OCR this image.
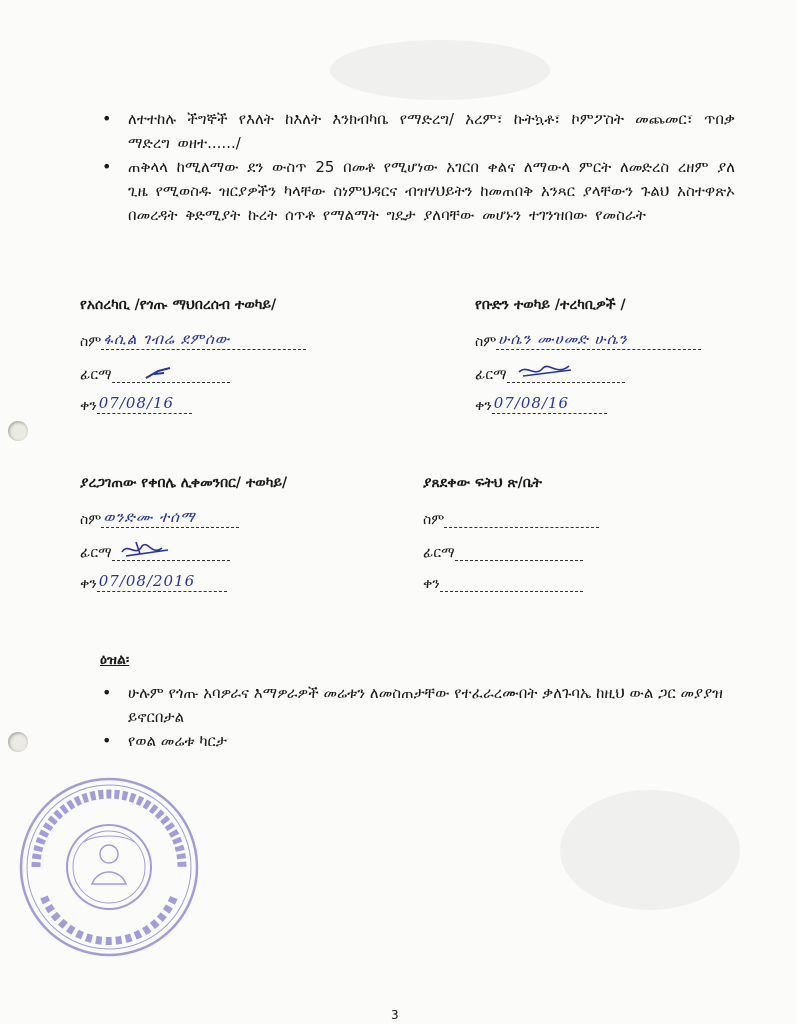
• ለተተከሉ ችግኞች የእለት ከእለት እንክብካቤ የማድረግ/ አረም፣ ኩትኳቶ፣ ኮምፖስት መጨመር፣ ጥበቃ ማድረግ ወዘተ....../
• ጠቅላላ ከሚለማው ደን ውስጥ 25 በመቶ የሚሆነው አገርበ ቀልና ለማውላ ምርት ለመድረስ ረዘም ያለ ጊዜ የሚወስዱ ዝርያዎችን ካላቸው ስነምህዳርና ብዝሃህይትን ከመጠበቅ አንጻር ያላቸውን ጉልህ አስተዋጽኦ በመረዳት ቅድሚያት ኩረት ሰጥቶ የማልማት ግዴታ ያለባቸው መሆኑን ተገንዝበው የመስራት
የአሰረካቢ /የጎጡ ማህበረሰብ ተወካይ/
ስም ፋሲል ገብሬ ደምሰው
ፊርማ
ቀን 07/08/16
የቡድን ተወካይ /ተረካቢዎች /
ስም ሁሴን ሙሀመድ ሁሴን
ፊርማ
ቀን 07/08/16
ያረጋገጠው የቀበሌ ሊቀመንበር/ ተወካይ/
ስም ወንድሙ ተሰማ
ፊርማ
ቀን 07/08/2016
ያጸደቀው ፍትህ ጽ/ቤት
ስም
ፊርማ
ቀን
ዕዝል፡
• ሁሉም የጎጡ አባዎራና እማዎራዎች መሬቱን ለመስጠታቸው የተፈራረሙበት ቃለጉባኤ ከዚህ ውል ጋር መያያዝ ይኖርበታል
• የወል መሬቱ ካርታ
3
